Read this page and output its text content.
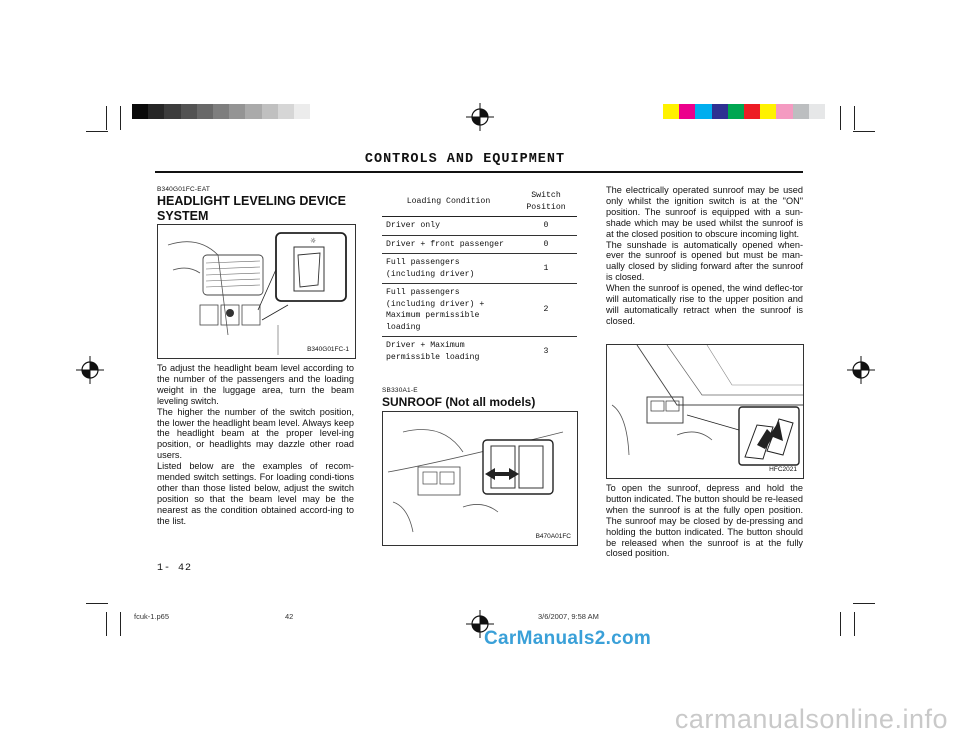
CONTROLS AND EQUIPMENT
B340G01FC-EAT
HEADLIGHT LEVELING DEVICE SYSTEM
☼
B340G01FC-1

To adjust the headlight beam level according to the number of the passengers and the loading weight in the luggage area, turn the beam leveling switch.

The higher the number of the switch position, the lower the headlight beam level. Always keep the headlight beam at the proper level-ing position, or headlights may dazzle other road users.

Listed below are the examples of recom-mended switch settings. For loading condi-tions other than those listed below, adjust the switch position so that the beam level may be the nearest as the condition obtained accord-ing to the list.

Loading Condition	Switch Position
Driver only	0
Driver + front passenger	0
Full passengers (including driver)	1
Full passengers (including driver) + Maximum permissible loading	2
Driver + Maximum permissible loading	3
SB330A1-E
SUNROOF (Not all models)
B470A01FC

The electrically operated sunroof may be used only whilst the ignition switch is at the "ON" position. The sunroof is equipped with a sun-shade which may be used whilst the sunroof is at the closed position to obscure incoming light.

The sunshade is automatically opened when-ever the sunroof is opened but must be man-ually closed by sliding forward after the sunroof is closed.

When the sunroof is opened, the wind deflec-tor will automatically rise to the upper position and will automatically retract when the sunroof is closed.

HFC2021

To open the sunroof, depress and hold the button indicated. The button should be re-leased when the sunroof is at the fully open position. The sunroof may be closed by de-pressing and holding the button indicated. The button should be released when the sunroof is at the fully closed position.

1- 42
fcuk-1.p65	42	3/6/2007, 9:58 AM
CarManuals2.com
carmanualsonline.info
